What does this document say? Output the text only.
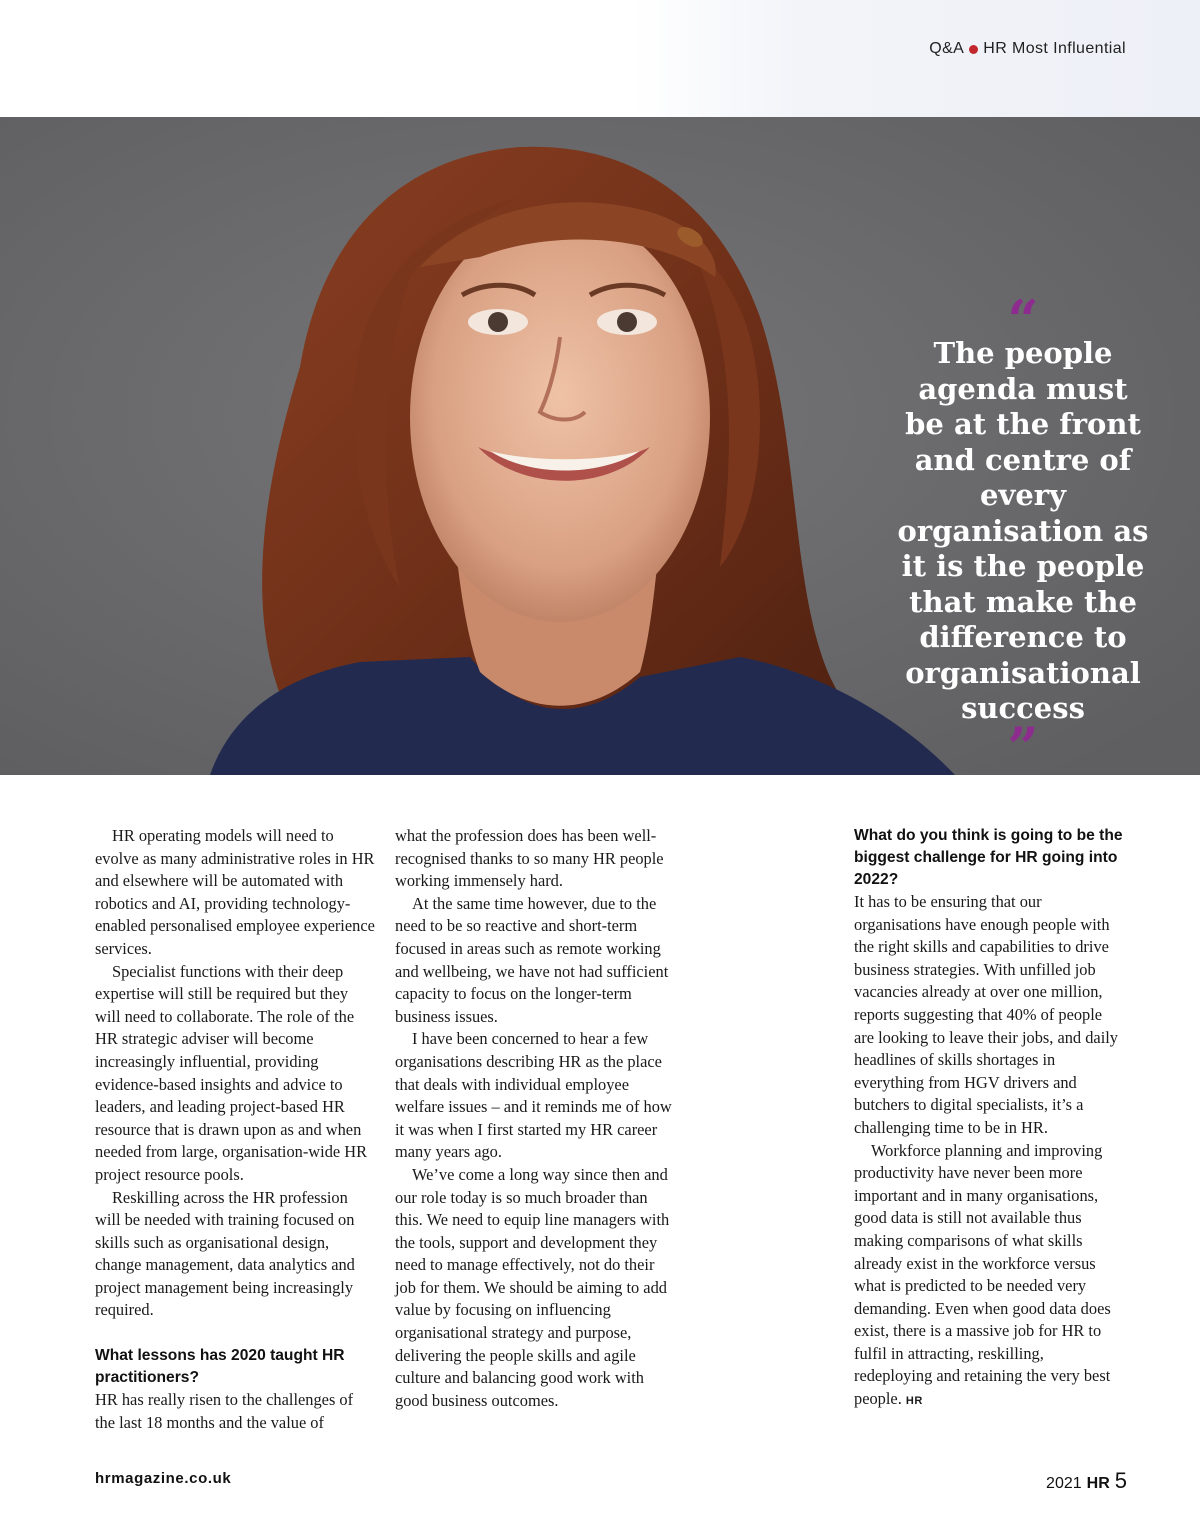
Q&A HR Most Influential
“

The people agenda must be at the front and centre of every organisation as it is the people that make the difference to organisational success

”

HR operating models will need to evolve as many administrative roles in HR and elsewhere will be automated with robotics and AI, providing technology-enabled personalised employee experience services.

Specialist functions with their deep expertise will still be required but they will need to collaborate. The role of the HR strategic adviser will become increasingly influential, providing evidence-based insights and advice to leaders, and leading project-based HR resource that is drawn upon as and when needed from large, organisation-wide HR project resource pools.

Reskilling across the HR profession will be needed with training focused on skills such as organisational design, change management, data analytics and project management being increasingly required.

What lessons has 2020 taught HR practitioners?

HR has really risen to the challenges of the last 18 months and the value of

what the profession does has been well-recognised thanks to so many HR people working immensely hard.

At the same time however, due to the need to be so reactive and short-term focused in areas such as remote working and wellbeing, we have not had sufficient capacity to focus on the longer-term business issues.

I have been concerned to hear a few organisations describing HR as the place that deals with individual employee welfare issues – and it reminds me of how it was when I first started my HR career many years ago.

We’ve come a long way since then and our role today is so much broader than this. We need to equip line managers with the tools, support and development they need to manage effectively, not do their job for them. We should be aiming to add value by focusing on influencing organisational strategy and purpose, delivering the people skills and agile culture and balancing good work with good business outcomes.

What do you think is going to be the biggest challenge for HR going into 2022?

It has to be ensuring that our organisations have enough people with the right skills and capabilities to drive business strategies. With unfilled job vacancies already at over one million, reports suggesting that 40% of people are looking to leave their jobs, and daily headlines of skills shortages in everything from HGV drivers and butchers to digital specialists, it’s a challenging time to be in HR.

Workforce planning and improving productivity have never been more important and in many organisations, good data is still not available thus making comparisons of what skills already exist in the workforce versus what is predicted to be needed very demanding. Even when good data does exist, there is a massive job for HR to fulfil in attracting, reskilling, redeploying and retaining the very best people. HR

hrmagazine.co.uk	2021 HR 5
